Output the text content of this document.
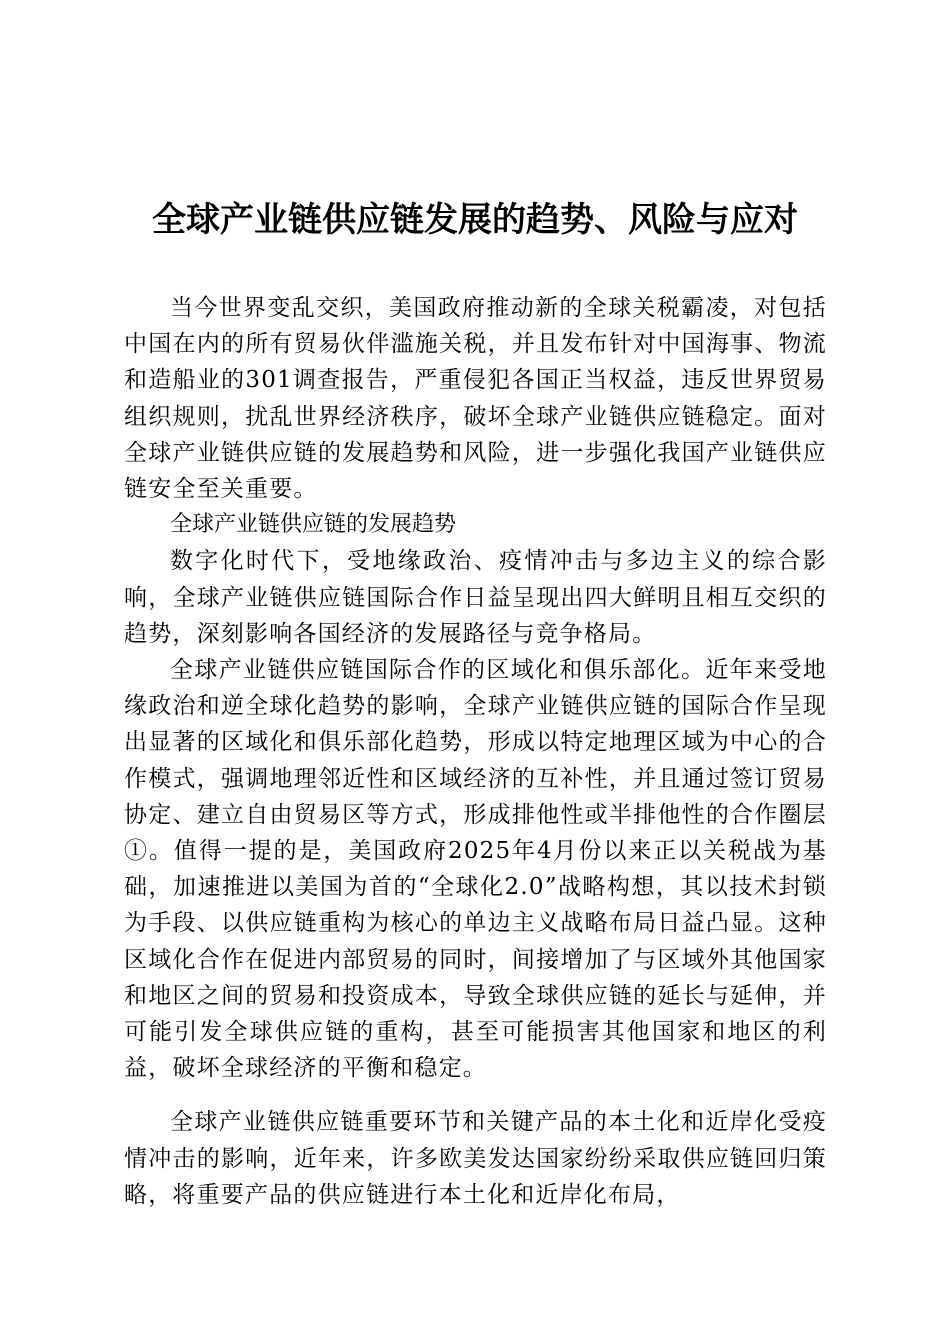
全球产业链供应链发展的趋势、风险与应对

当今世界变乱交织，美国政府推动新的全球关税霸凌，对包括中国在内的所有贸易伙伴滥施关税，并且发布针对中国海事、物流和造船业的301调查报告，严重侵犯各国正当权益，违反世界贸易组织规则，扰乱世界经济秩序，破坏全球产业链供应链稳定。面对全球产业链供应链的发展趋势和风险，进一步强化我国产业链供应链安全至关重要。

全球产业链供应链的发展趋势

数字化时代下，受地缘政治、疫情冲击与多边主义的综合影响，全球产业链供应链国际合作日益呈现出四大鲜明且相互交织的趋势，深刻影响各国经济的发展路径与竞争格局。

全球产业链供应链国际合作的区域化和俱乐部化。近年来受地缘政治和逆全球化趋势的影响，全球产业链供应链的国际合作呈现出显著的区域化和俱乐部化趋势，形成以特定地理区域为中心的合作模式，强调地理邻近性和区域经济的互补性，并且通过签订贸易协定、建立自由贸易区等方式，形成排他性或半排他性的合作圈层①。值得一提的是，美国政府2025年4月份以来正以关税战为基础，加速推进以美国为首的“全球化2.0”战略构想，其以技术封锁为手段、以供应链重构为核心的单边主义战略布局日益凸显。这种区域化合作在促进内部贸易的同时，间接增加了与区域外其他国家和地区之间的贸易和投资成本，导致全球供应链的延长与延伸，并可能引发全球供应链的重构，甚至可能损害其他国家和地区的利益，破坏全球经济的平衡和稳定。

全球产业链供应链重要环节和关键产品的本土化和近岸化受疫情冲击的影响，近年来，许多欧美发达国家纷纷采取供应链回归策略，将重要产品的供应链进行本土化和近岸化布局，
